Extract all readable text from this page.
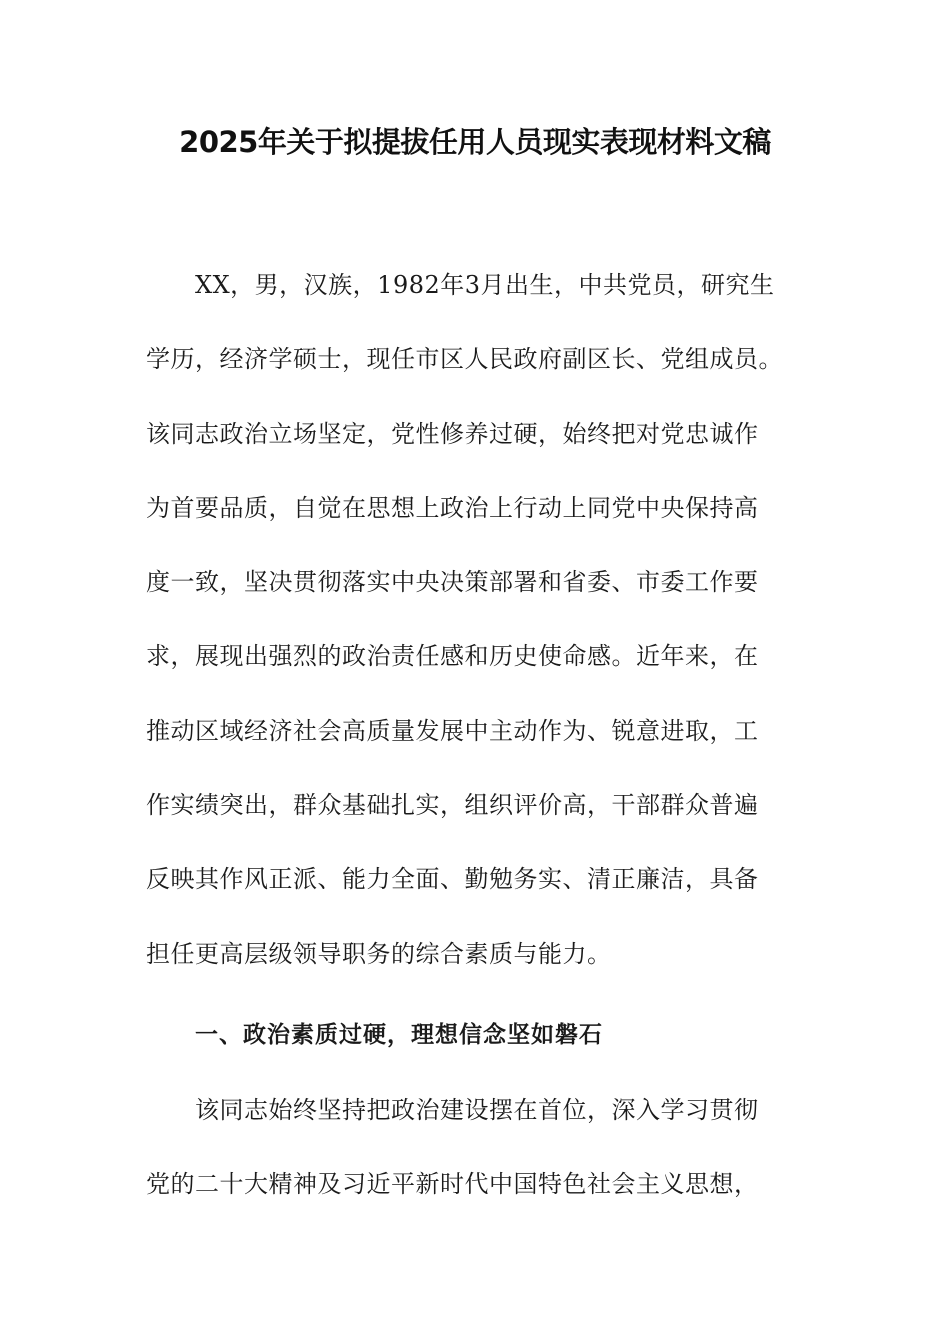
2025年关于拟提拔任用人员现实表现材料文稿
XX，男，汉族，1982年3月出生，中共党员，研究生
学历，经济学硕士，现任市区人民政府副区长、党组成员。
该同志政治立场坚定，党性修养过硬，始终把对党忠诚作
为首要品质，自觉在思想上政治上行动上同党中央保持高
度一致，坚决贯彻落实中央决策部署和省委、市委工作要
求，展现出强烈的政治责任感和历史使命感。近年来，在
推动区域经济社会高质量发展中主动作为、锐意进取，工
作实绩突出，群众基础扎实，组织评价高，干部群众普遍
反映其作风正派、能力全面、勤勉务实、清正廉洁，具备
担任更高层级领导职务的综合素质与能力。
一、政治素质过硬，理想信念坚如磐石
该同志始终坚持把政治建设摆在首位，深入学习贯彻
党的二十大精神及习近平新时代中国特色社会主义思想，
